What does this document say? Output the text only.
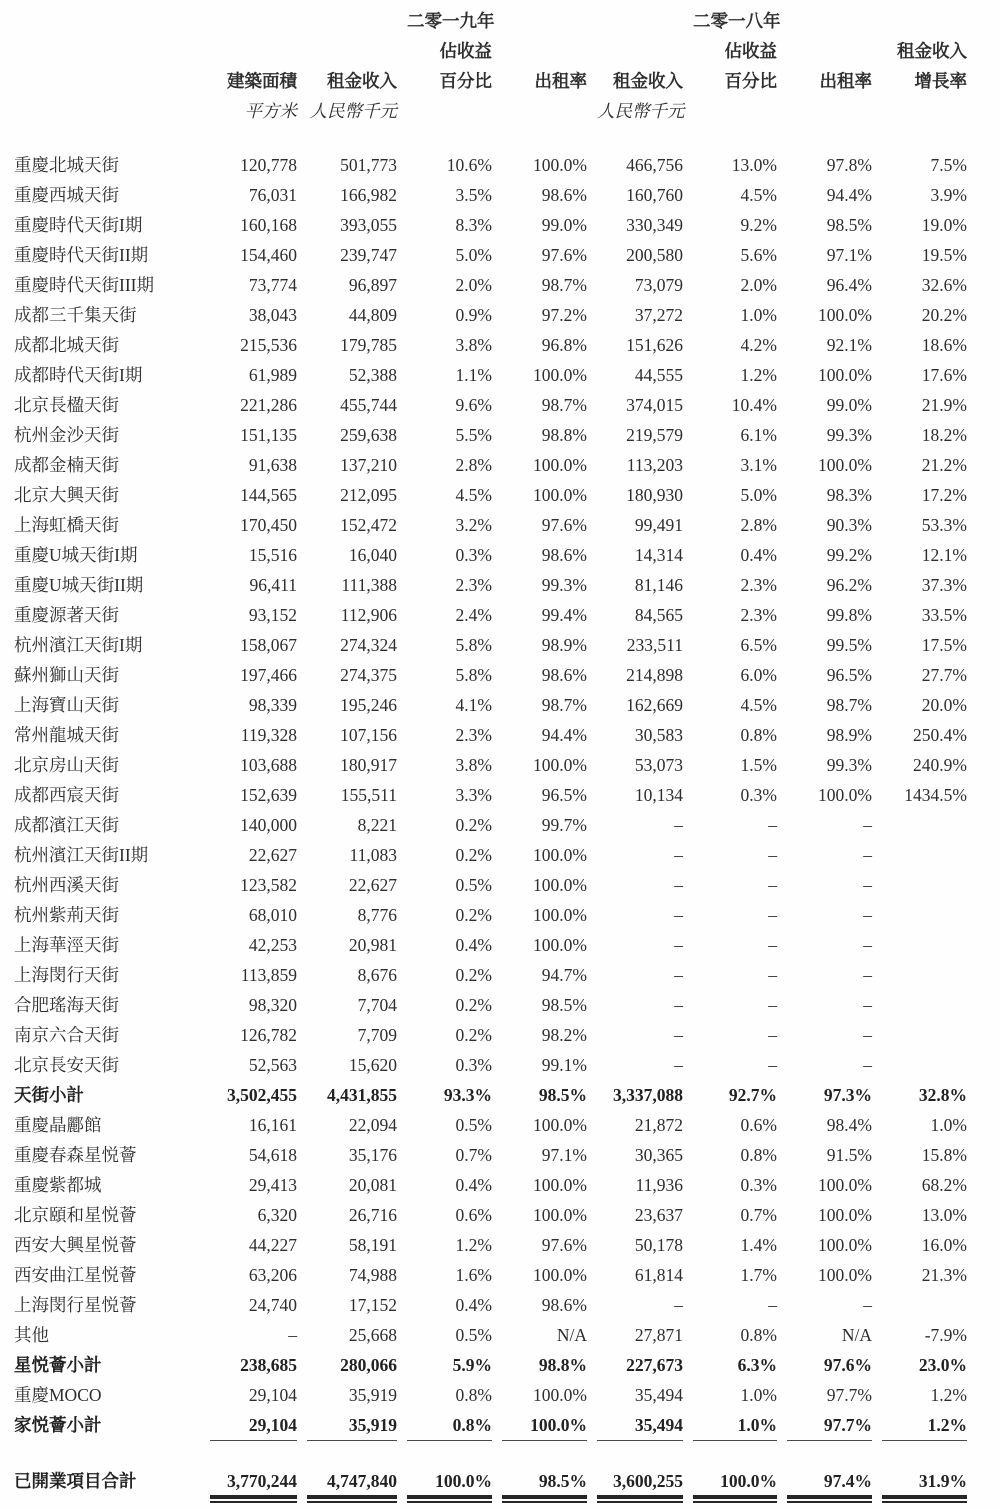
二零一九年	二零一八年
佔收益	佔收益	租金收入
建築面積	租金收入	百分比	出租率	租金收入	百分比	出租率	增長率
平方米 人民幣千元	人民幣千元
重慶北城天街	120,778	501,773	10.6%	100.0%	466,756	13.0%	97.8%	7.5%
重慶西城天街	76,031	166,982	3.5%	98.6%	160,760	4.5%	94.4%	3.9%
重慶時代天街I期	160,168	393,055	8.3%	99.0%	330,349	9.2%	98.5%	19.0%
重慶時代天街II期	154,460	239,747	5.0%	97.6%	200,580	5.6%	97.1%	19.5%
重慶時代天街III期	73,774	96,897	2.0%	98.7%	73,079	2.0%	96.4%	32.6%
成都三千集天街	38,043	44,809	0.9%	97.2%	37,272	1.0%	100.0%	20.2%
成都北城天街	215,536	179,785	3.8%	96.8%	151,626	4.2%	92.1%	18.6%
成都時代天街I期	61,989	52,388	1.1%	100.0%	44,555	1.2%	100.0%	17.6%
北京長楹天街	221,286	455,744	9.6%	98.7%	374,015	10.4%	99.0%	21.9%
杭州金沙天街	151,135	259,638	5.5%	98.8%	219,579	6.1%	99.3%	18.2%
成都金楠天街	91,638	137,210	2.8%	100.0%	113,203	3.1%	100.0%	21.2%
北京大興天街	144,565	212,095	4.5%	100.0%	180,930	5.0%	98.3%	17.2%
上海虹橋天街	170,450	152,472	3.2%	97.6%	99,491	2.8%	90.3%	53.3%
重慶U城天街I期	15,516	16,040	0.3%	98.6%	14,314	0.4%	99.2%	12.1%
重慶U城天街II期	96,411	111,388	2.3%	99.3%	81,146	2.3%	96.2%	37.3%
重慶源著天街	93,152	112,906	2.4%	99.4%	84,565	2.3%	99.8%	33.5%
杭州濱江天街I期	158,067	274,324	5.8%	98.9%	233,511	6.5%	99.5%	17.5%
蘇州獅山天街	197,466	274,375	5.8%	98.6%	214,898	6.0%	96.5%	27.7%
上海寶山天街	98,339	195,246	4.1%	98.7%	162,669	4.5%	98.7%	20.0%
常州龍城天街	119,328	107,156	2.3%	94.4%	30,583	0.8%	98.9%	250.4%
北京房山天街	103,688	180,917	3.8%	100.0%	53,073	1.5%	99.3%	240.9%
成都西宸天街	152,639	155,511	3.3%	96.5%	10,134	0.3%	100.0%	1434.5%
成都濱江天街	140,000	8,221	0.2%	99.7%	–	–	–
杭州濱江天街II期	22,627	11,083	0.2%	100.0%	–	–	–
杭州西溪天街	123,582	22,627	0.5%	100.0%	–	–	–
杭州紫荊天街	68,010	8,776	0.2%	100.0%	–	–	–
上海華涇天街	42,253	20,981	0.4%	100.0%	–	–	–
上海閔行天街	113,859	8,676	0.2%	94.7%	–	–	–
合肥瑤海天街	98,320	7,704	0.2%	98.5%	–	–	–
南京六合天街	126,782	7,709	0.2%	98.2%	–	–	–
北京長安天街	52,563	15,620	0.3%	99.1%	–	–	–
天街小計	3,502,455	4,431,855	93.3%	98.5%	3,337,088	92.7%	97.3%	32.8%
重慶晶酈館	16,161	22,094	0.5%	100.0%	21,872	0.6%	98.4%	1.0%
重慶春森星悦薈	54,618	35,176	0.7%	97.1%	30,365	0.8%	91.5%	15.8%
重慶紫都城	29,413	20,081	0.4%	100.0%	11,936	0.3%	100.0%	68.2%
北京頤和星悦薈	6,320	26,716	0.6%	100.0%	23,637	0.7%	100.0%	13.0%
西安大興星悦薈	44,227	58,191	1.2%	97.6%	50,178	1.4%	100.0%	16.0%
西安曲江星悦薈	63,206	74,988	1.6%	100.0%	61,814	1.7%	100.0%	21.3%
上海閔行星悦薈	24,740	17,152	0.4%	98.6%	–	–	–
其他	–	25,668	0.5%	N/A	27,871	0.8%	N/A	-7.9%
星悦薈小計	238,685	280,066	5.9%	98.8%	227,673	6.3%	97.6%	23.0%
重慶MOCO	29,104	35,919	0.8%	100.0%	35,494	1.0%	97.7%	1.2%
家悦薈小計	29,104	35,919	0.8%	100.0%	35,494	1.0%	97.7%	1.2%
已開業項目合計	3,770,244	4,747,840	100.0%	98.5%	3,600,255	100.0%	97.4%	31.9%
